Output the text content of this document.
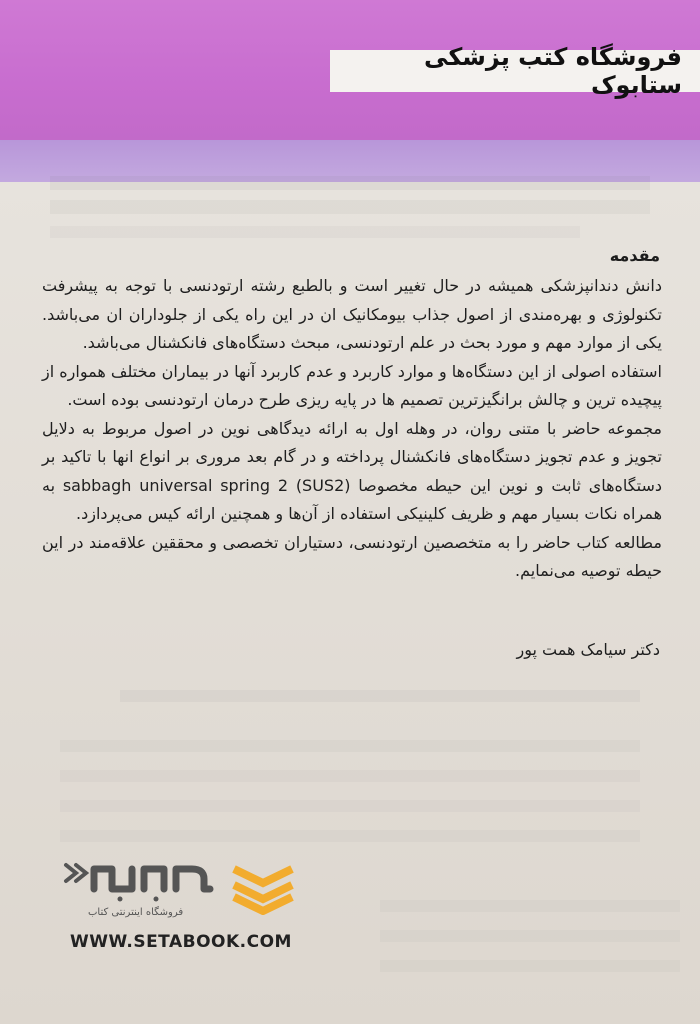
فروشگاه کتب پزشکی ستابوک
مقدمه

دانش دندانپزشکی همیشه در حال تغییر است و بالطبع رشته ارتودنسی با توجه به پیشرفت تکنولوژی و بهره‌مندی از اصول جذاب بیومکانیک ان در این راه یکی از جلوداران ان می‌باشد. یکی از موارد مهم و مورد بحث در علم ارتودنسی، مبحث دستگاه‌های فانکشنال می‌باشد.

استفاده اصولی از این دستگاه‌ها و موارد کاربرد و عدم کاربرد آنها در بیماران مختلف همواره از پیچیده ترین و چالش برانگیزترین تصمیم ها در پایه ریزی طرح درمان ارتودنسی بوده است.

مجموعه حاضر با متنی روان، در وهله اول به ارائه دیدگاهی نوین در اصول مربوط به دلایل تجویز و عدم تجویز دستگاه‌های فانکشنال پرداخته و در گام بعد مروری بر انواع انها با تاکید بر دستگاه‌های ثابت و نوین این حیطه مخصوصا sabbagh universal spring 2 (SUS2) به همراه نکات بسیار مهم و ظریف کلینیکی استفاده از آن‌ها و همچنین ارائه کیس می‌پردازد.

مطالعه کتاب حاضر را به متخصصین ارتودنسی، دستیاران تخصصی و محققین علاقه‌مند در این حیطه توصیه می‌نمایم.

دکتر سیامک همت پور
فروشگاه اینترنتی کتاب
WWW.SETABOOK.COM
